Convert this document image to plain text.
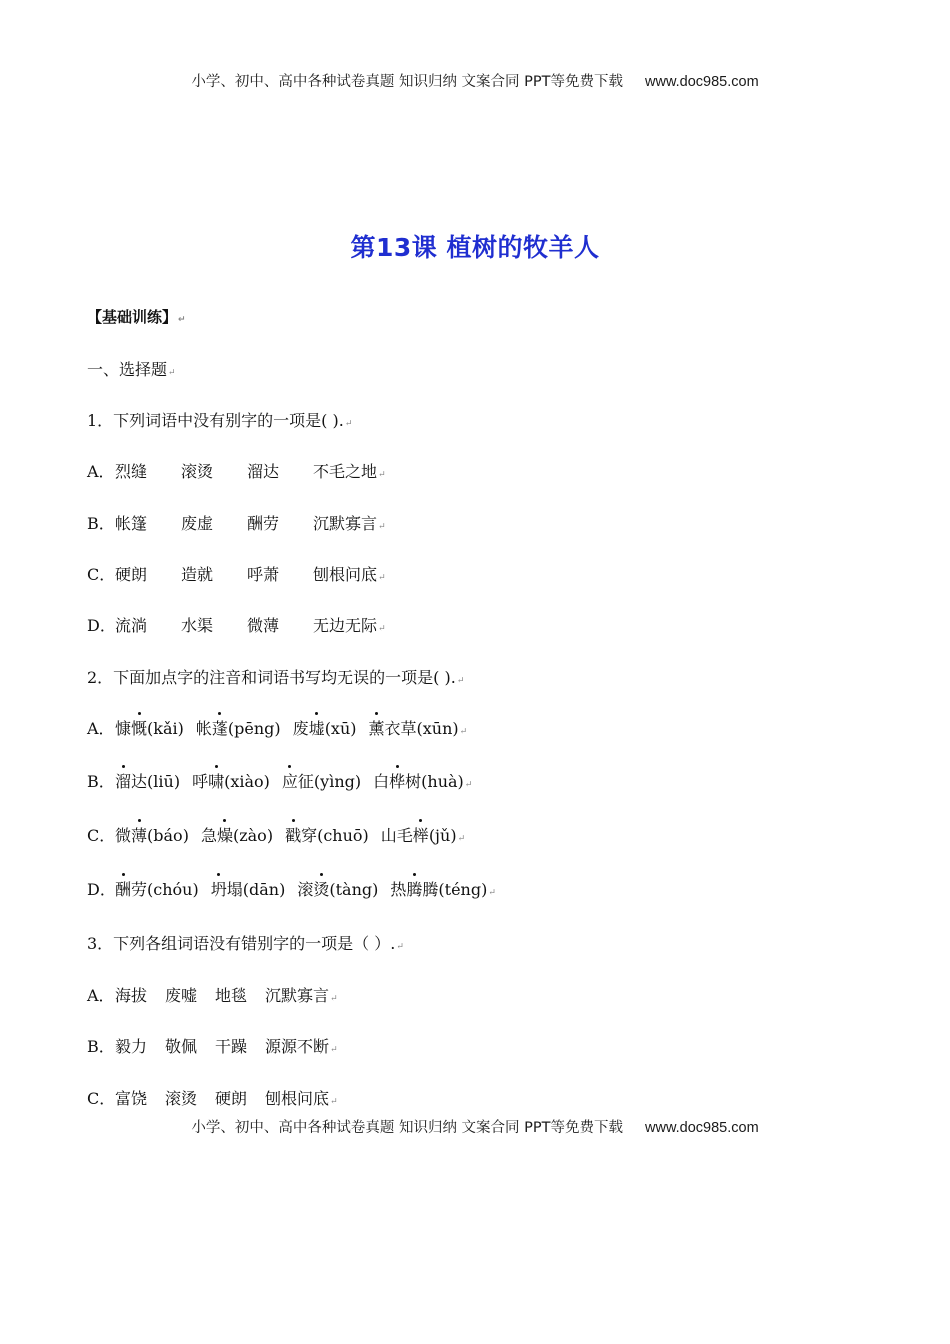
小学、初中、高中各种试卷真题 知识归纳 文案合同 PPT等免费下载 www.doc985.com
第13课 植树的牧羊人
【基础训练】↵
一、选择题↵
1．下列词语中没有别字的一项是( ).↵
A．烈缝 滚烫 溜达 不毛之地↵
B．帐篷 废虚 酬劳 沉默寡言↵
C．硬朗 造就 呼萧 刨根问底↵
D．流淌 水渠 微薄 无边无际↵
2．下面加点字的注音和词语书写均无误的一项是( ).↵
A．慷慨(kǎi) 帐蓬(pēng) 废墟(xū) 薰衣草(xūn)↵
B．溜达(liū) 呼啸(xiào) 应征(yìng) 白桦树(huà)↵
C．微薄(báo) 急燥(zào) 戳穿(chuō) 山毛榉(jǔ)↵
D．酬劳(chóu) 坍塌(dān) 滚烫(tàng) 热腾腾(téng)↵
3．下列各组词语没有错别字的一项是（ ）.↵
A．海拔 废嘘 地毯 沉默寡言↵
B．毅力 敬佩 干躁 源源不断↵
C．富饶 滚烫 硬朗 刨根问底↵
小学、初中、高中各种试卷真题 知识归纳 文案合同 PPT等免费下载 www.doc985.com
